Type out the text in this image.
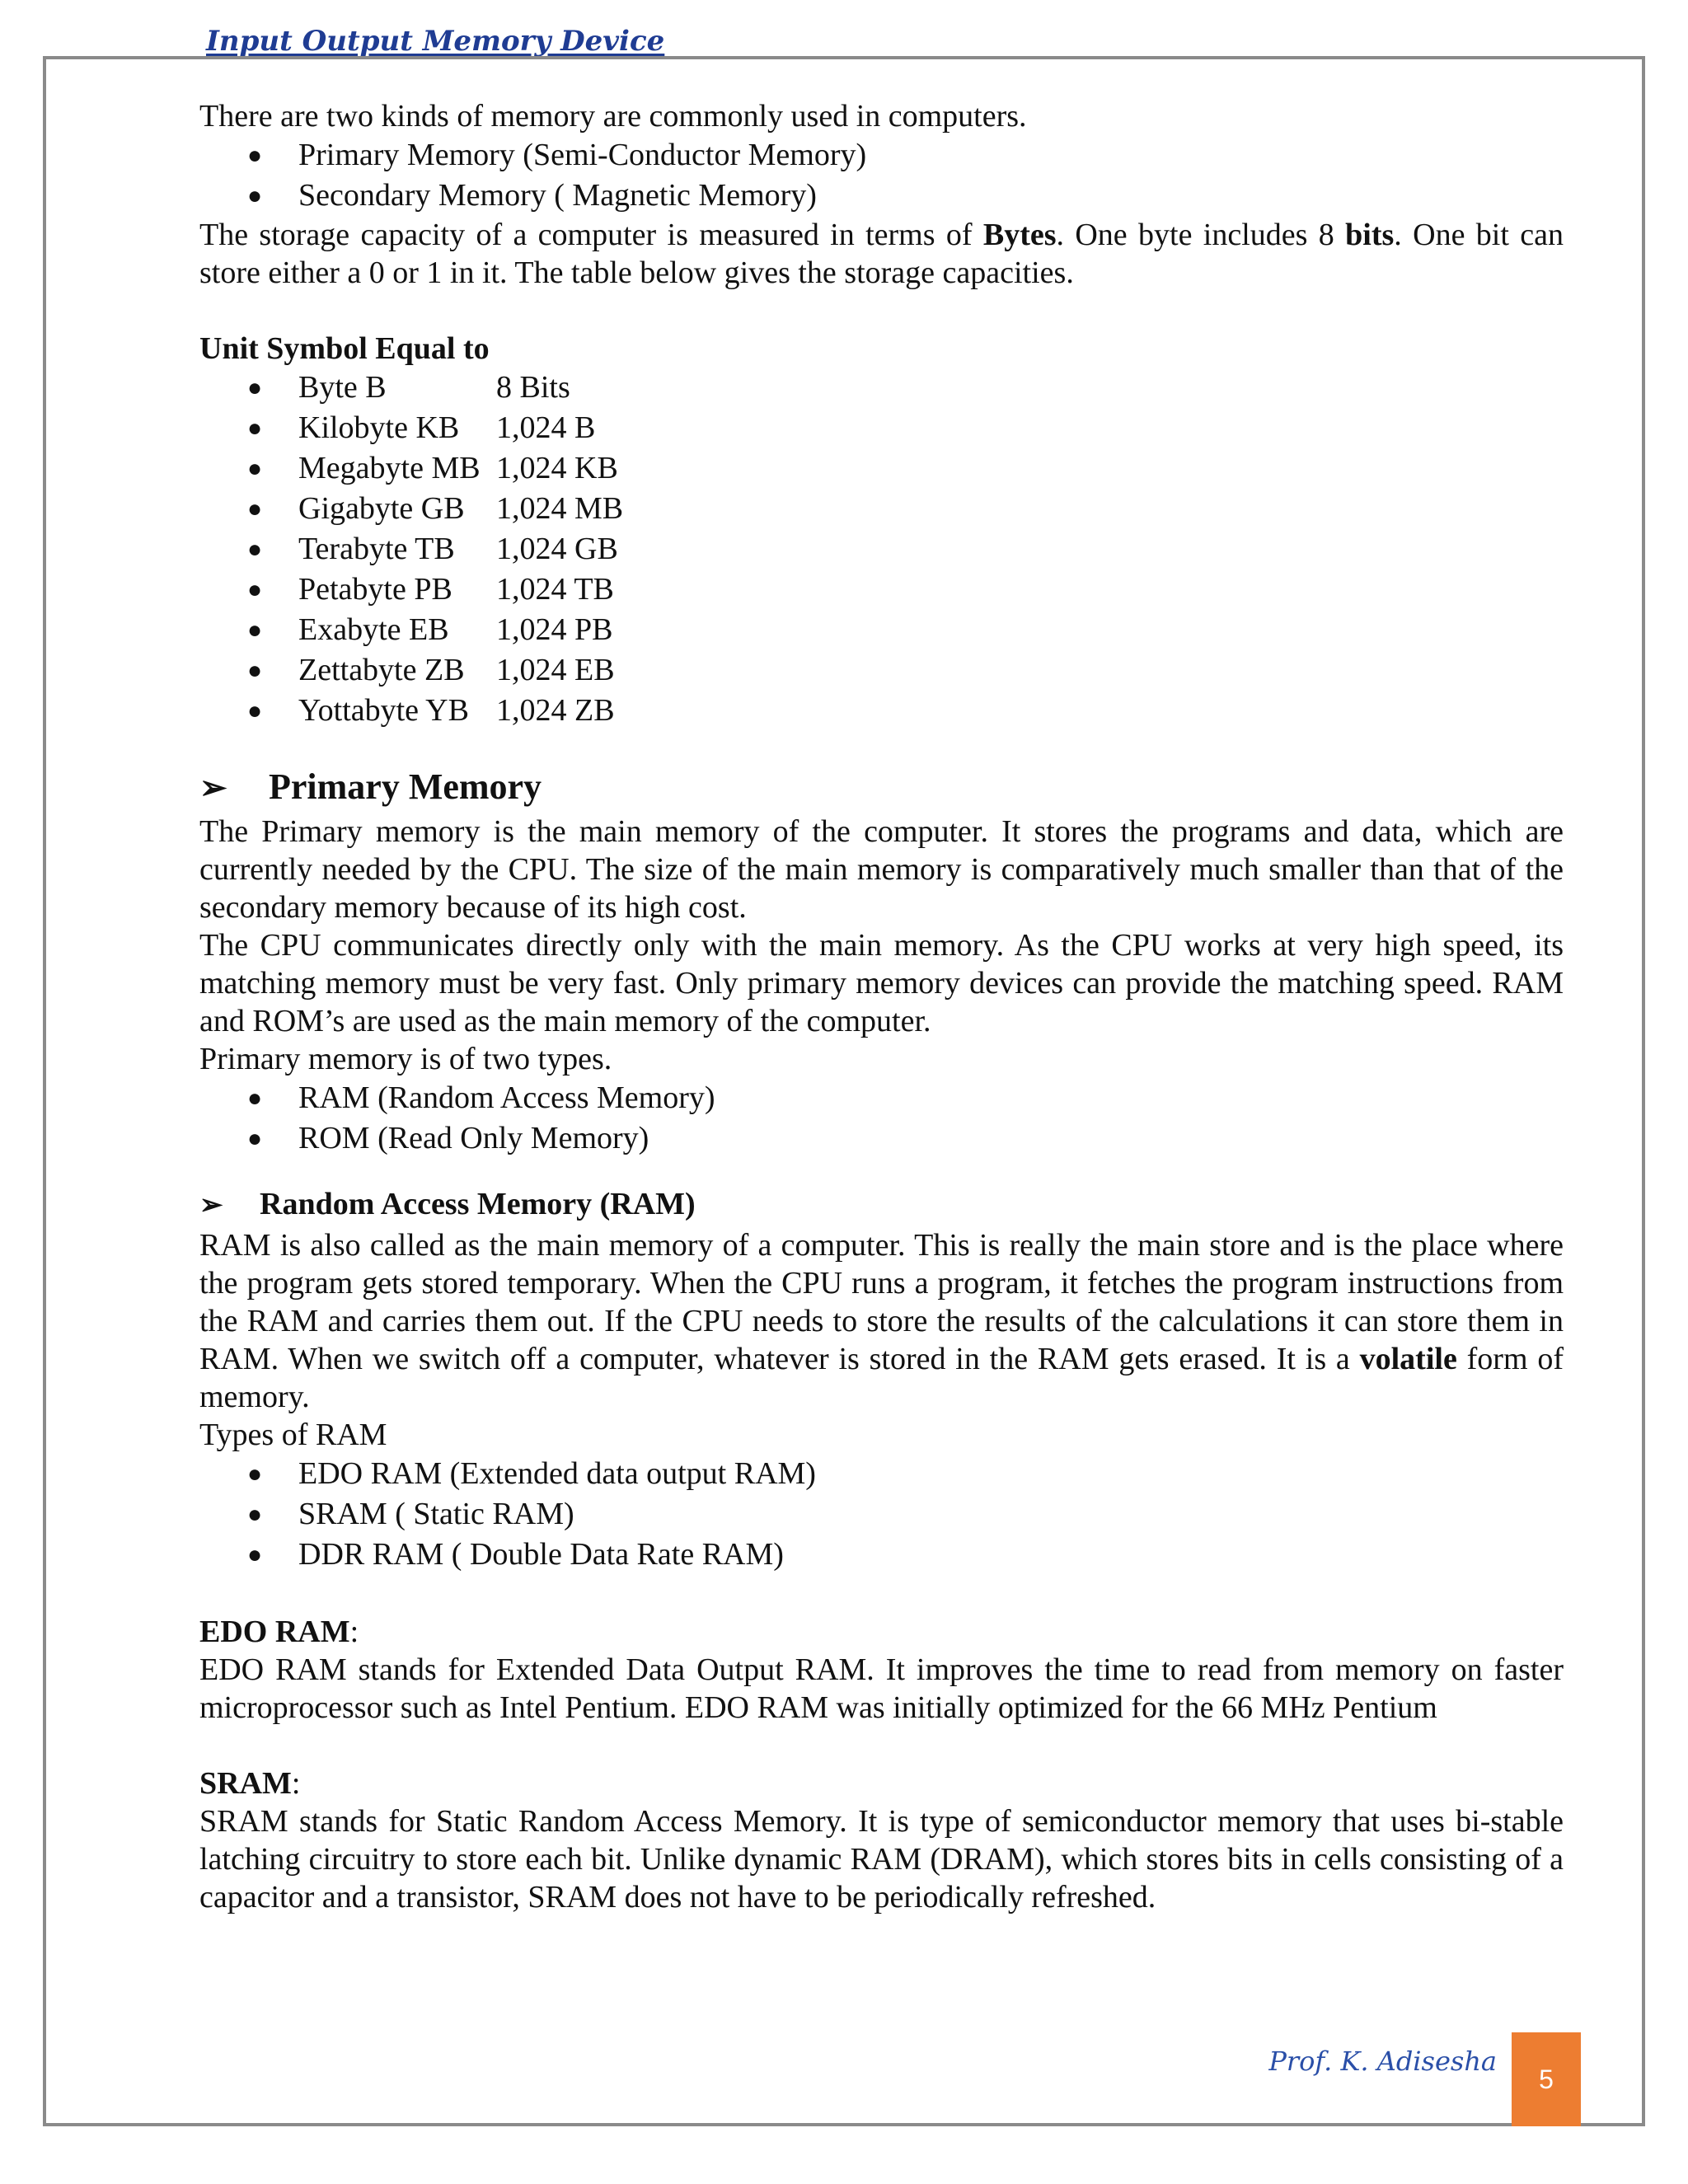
Input Output Memory Device

There are two kinds of memory are commonly used in computers.

● Primary Memory (Semi-Conductor Memory)
● Secondary Memory ( Magnetic Memory)

The storage capacity of a computer is measured in terms of Bytes. One byte includes 8 bits. One bit can store either a 0 or 1 in it. The table below gives the storage capacities.

Unit Symbol Equal to

● Byte B	8 Bits
● Kilobyte KB 1,024 B
● Megabyte MB 1,024 KB
● Gigabyte GB 1,024 MB
● Terabyte TB 1,024 GB
● Petabyte PB 1,024 TB
● Exabyte EB 1,024 PB
● Zettabyte ZB 1,024 EB
● Yottabyte YB 1,024 ZB
➢	Primary Memory

The Primary memory is the main memory of the computer. It stores the programs and data, which are currently needed by the CPU. The size of the main memory is comparatively much smaller than that of the secondary memory because of its high cost.

The CPU communicates directly only with the main memory. As the CPU works at very high speed, its matching memory must be very fast. Only primary memory devices can provide the matching speed. RAM and ROM’s are used as the main memory of the computer.

Primary memory is of two types.

● RAM (Random Access Memory)
● ROM (Read Only Memory)
➢	Random Access Memory (RAM)

RAM is also called as the main memory of a computer. This is really the main store and is the place where the program gets stored temporary. When the CPU runs a program, it fetches the program instructions from the RAM and carries them out. If the CPU needs to store the results of the calculations it can store them in RAM. When we switch off a computer, whatever is stored in the RAM gets erased. It is a volatile form of memory.

Types of RAM

● EDO RAM (Extended data output RAM)
● SRAM ( Static RAM)
● DDR RAM ( Double Data Rate RAM)

EDO RAM:

EDO RAM stands for Extended Data Output RAM. It improves the time to read from memory on faster microprocessor such as Intel Pentium. EDO RAM was initially optimized for the 66 MHz Pentium

SRAM:

SRAM stands for Static Random Access Memory. It is type of semiconductor memory that uses bi-stable latching circuitry to store each bit. Unlike dynamic RAM (DRAM), which stores bits in cells consisting of a capacitor and a transistor, SRAM does not have to be periodically refreshed.

Prof. K. Adisesha
5
